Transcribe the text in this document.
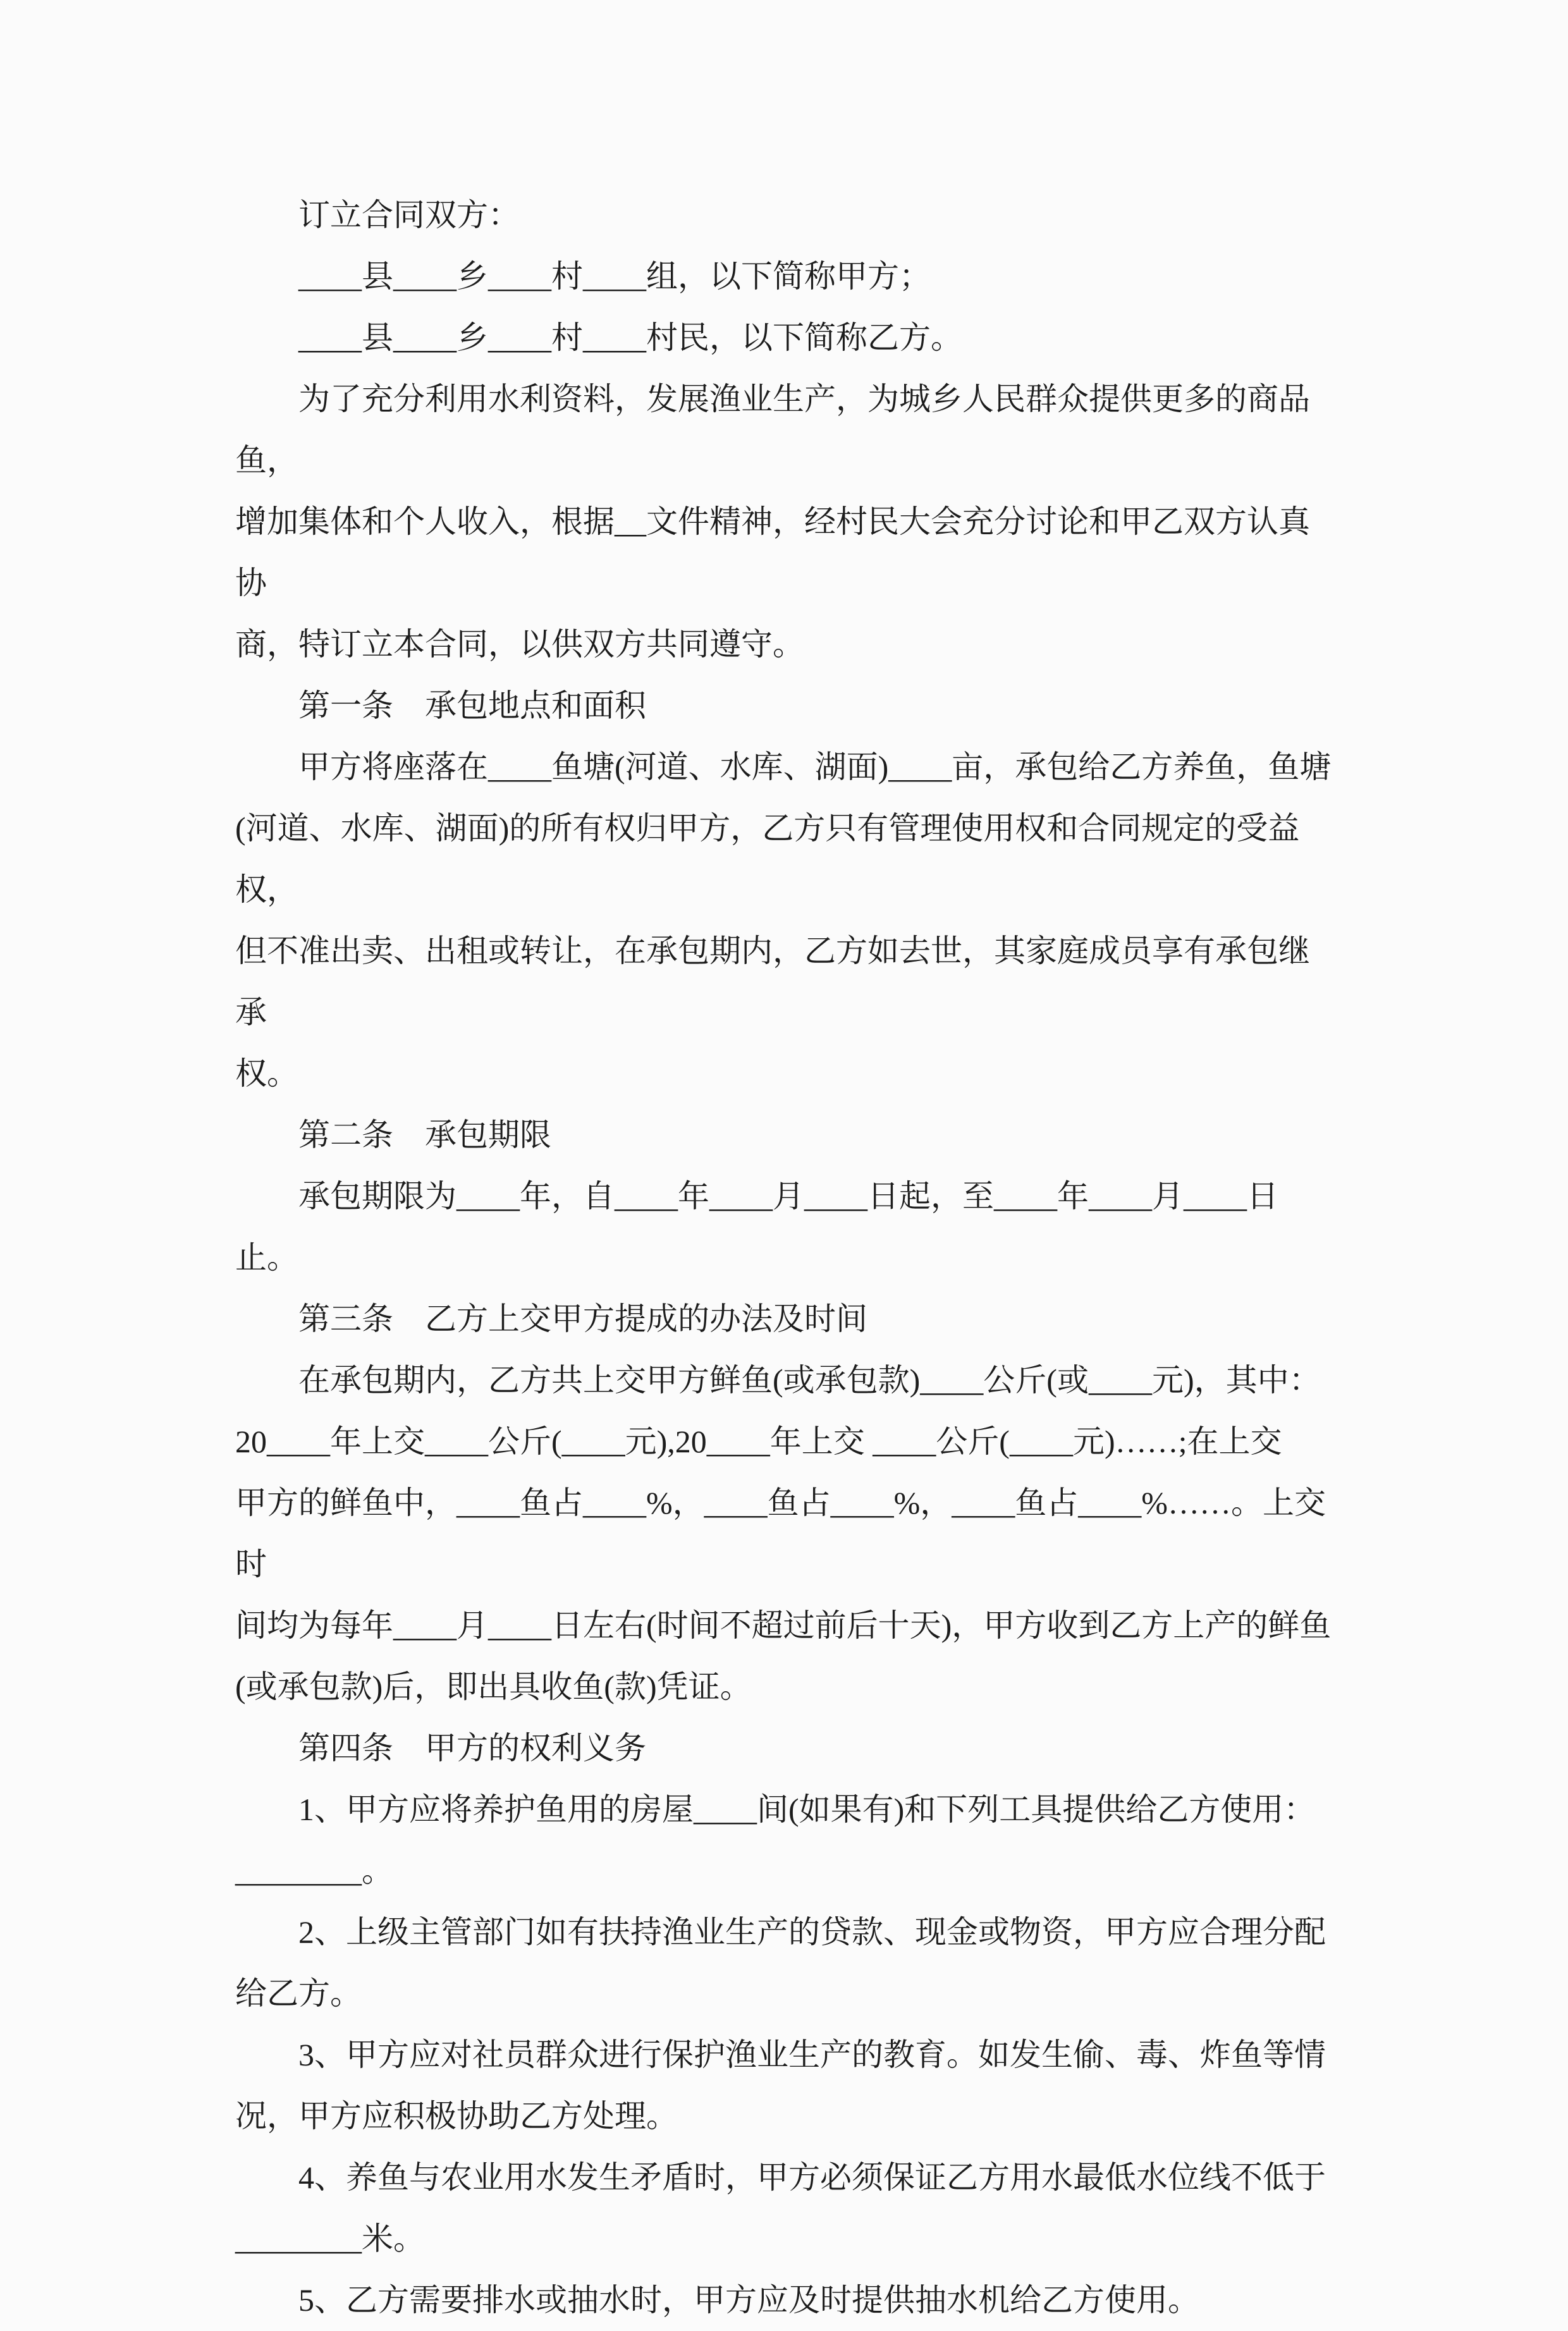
订立合同双方：
____县____乡____村____组，以下简称甲方；
____县____乡____村____村民，以下简称乙方。
为了充分利用水利资料，发展渔业生产，为城乡人民群众提供更多的商品鱼，
增加集体和个人收入，根据__文件精神，经村民大会充分讨论和甲乙双方认真协
商，特订立本合同，以供双方共同遵守。
第一条　承包地点和面积
甲方将座落在____鱼塘(河道、水库、湖面)____亩，承包给乙方养鱼，鱼塘
(河道、水库、湖面)的所有权归甲方，乙方只有管理使用权和合同规定的受益权，
但不准出卖、出租或转让，在承包期内，乙方如去世，其家庭成员享有承包继承
权。
第二条　承包期限
承包期限为____年，自____年____月____日起，至____年____月____日止。
第三条　乙方上交甲方提成的办法及时间
在承包期内，乙方共上交甲方鲜鱼(或承包款)____公斤(或____元)，其中：
20____年上交____公斤(____元),20____年上交 ____公斤(____元)……;在上交
甲方的鲜鱼中，____鱼占____%，____鱼占____%，____鱼占____%……。上交时
间均为每年____月____日左右(时间不超过前后十天)，甲方收到乙方上产的鲜鱼
(或承包款)后，即出具收鱼(款)凭证。
第四条　甲方的权利义务
1、甲方应将养护鱼用的房屋____间(如果有)和下列工具提供给乙方使用：
________。
2、上级主管部门如有扶持渔业生产的贷款、现金或物资，甲方应合理分配
给乙方。
3、甲方应对社员群众进行保护渔业生产的教育。如发生偷、毒、炸鱼等情
况，甲方应积极协助乙方处理。
4、养鱼与农业用水发生矛盾时，甲方必须保证乙方用水最低水位线不低于
________米。
5、乙方需要排水或抽水时，甲方应及时提供抽水机给乙方使用。
